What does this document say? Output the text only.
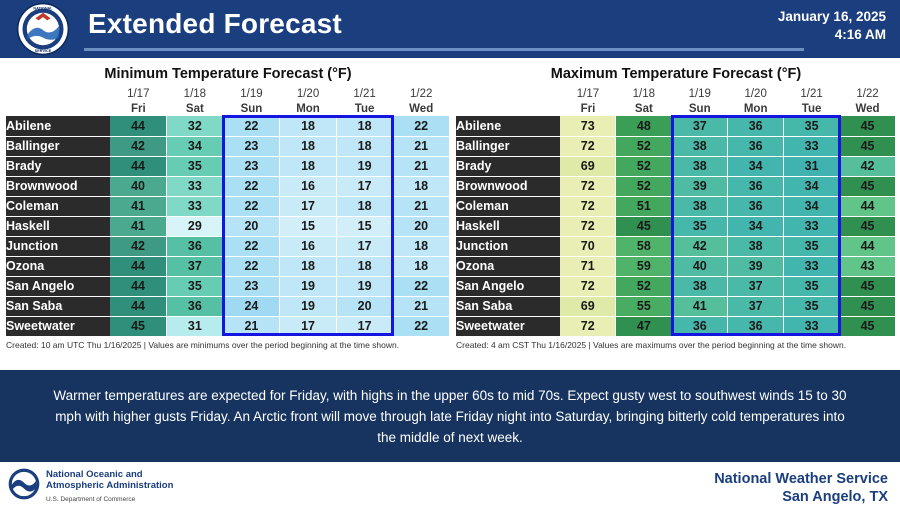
NATIONAL
SERVICE
Extended Forecast	January 16, 2025
4:16 AM
Minimum Temperature Forecast (°F)
	1/17	1/18	1/19	1/20	1/21	1/22
	Fri	Sat	Sun	Mon	Tue	Wed
Abilene	44	32	22	18	18	22
Ballinger	42	34	23	18	18	21
Brady	44	35	23	18	19	21
Brownwood	40	33	22	16	17	18
Coleman	41	33	22	17	18	21
Haskell	41	29	20	15	15	20
Junction	42	36	22	16	17	18
Ozona	44	37	22	18	18	18
San Angelo	44	35	23	19	19	22
San Saba	44	36	24	19	20	21
Sweetwater	45	31	21	17	17	22
Created: 10 am UTC Thu 1/16/2025 | Values are minimums over the period beginning at the time shown.
Maximum Temperature Forecast (°F)
	1/17	1/18	1/19	1/20	1/21	1/22
	Fri	Sat	Sun	Mon	Tue	Wed
Abilene	73	48	37	36	35	45
Ballinger	72	52	38	36	33	45
Brady	69	52	38	34	31	42
Brownwood	72	52	39	36	34	45
Coleman	72	51	38	36	34	44
Haskell	72	45	35	34	33	45
Junction	70	58	42	38	35	44
Ozona	71	59	40	39	33	43
San Angelo	72	52	38	37	35	45
San Saba	69	55	41	37	35	45
Sweetwater	72	47	36	36	33	45
Created: 4 am CST Thu 1/16/2025 | Values are maximums over the period beginning at the time shown.

Warmer temperatures are expected for Friday, with highs in the upper 60s to mid 70s. Expect gusty west to southwest winds 15 to 30 mph with higher gusts Friday. An Arctic front will move through late Friday night into Saturday, bringing bitterly cold temperatures into the middle of next week.

National Oceanic and
Atmospheric Administration
U.S. Department of Commerce
National Weather Service
San Angelo, TX
